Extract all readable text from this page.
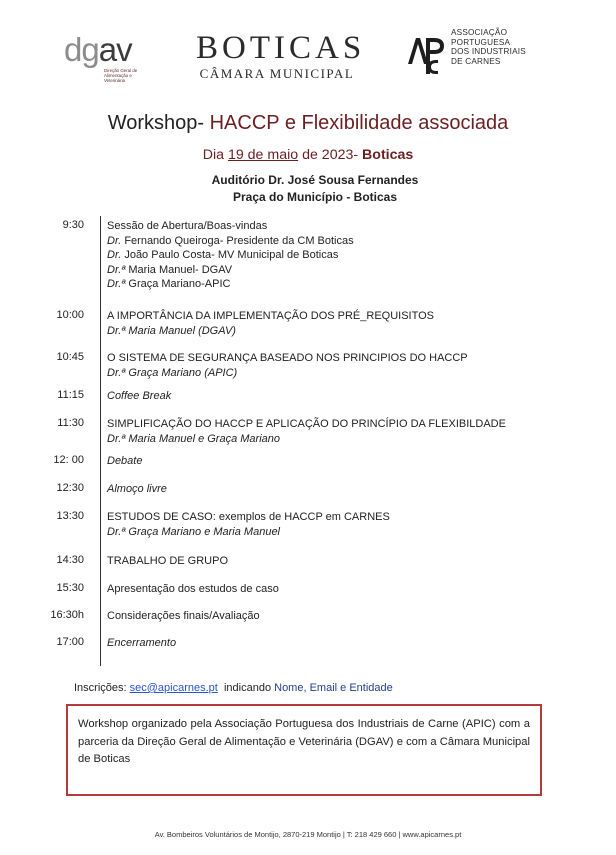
dgav
Direção Geral de Alimentação e Veterinária
BOTICAS
CÂMARA MUNICIPAL
ASSOCIAÇÃO
PORTUGUESA
DOS INDUSTRIAIS
DE CARNES
Workshop- HACCP e Flexibilidade associada
Dia 19 de maio de 2023- Boticas
Auditório Dr. José Sousa Fernandes
Praça do Município - Boticas
9:30 Sessão de Abertura/Boas-vindas
Dr. Fernando Queiroga- Presidente da CM Boticas
Dr. João Paulo Costa- MV Municipal de Boticas
Dr.ª Maria Manuel- DGAV
Dr.ª Graça Mariano-APIC
10:00 A IMPORTÂNCIA DA IMPLEMENTAÇÃO DOS PRÉ_REQUISITOS
Dr.ª Maria Manuel (DGAV)
10:45 O SISTEMA DE SEGURANÇA BASEADO NOS PRINCIPIOS DO HACCP
Dr.ª Graça Mariano (APIC)
11:15 Coffee Break
11:30 SIMPLIFICAÇÃO DO HACCP E APLICAÇÃO DO PRINCÍPIO DA FLEXIBILDADE
Dr.ª Maria Manuel e Graça Mariano
12: 00 Debate
12:30 Almoço livre
13:30 ESTUDOS DE CASO: exemplos de HACCP em CARNES
Dr.ª Graça Mariano e Maria Manuel
14:30 TRABALHO DE GRUPO
15:30 Apresentação dos estudos de caso
16:30h Considerações finais/Avaliação
17:00 Encerramento
Inscrições: sec@apicarnes.pt  indicando Nome, Email e Entidade
Workshop organizado pela Associação Portuguesa dos Industriais de Carne (APIC) com a parceria da Direção Geral de Alimentação e Veterinária (DGAV) e com a Câmara Municipal de Boticas
Av. Bombeiros Voluntários de Montijo, 2870-219 Montijo | T: 218 429 660 | www.apicarnes.pt
